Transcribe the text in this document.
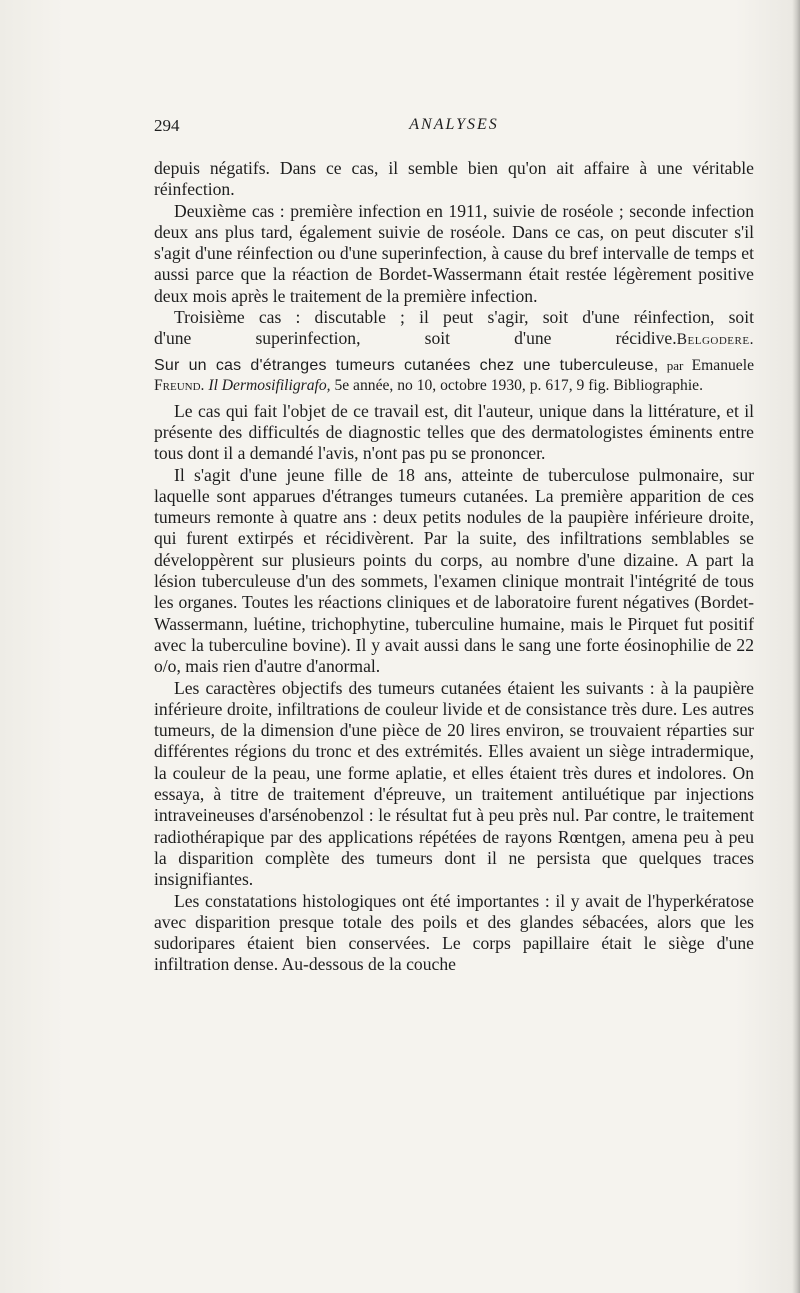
294	ANALYSES

depuis négatifs. Dans ce cas, il semble bien qu'on ait affaire à une véritable réinfection.

Deuxième cas : première infection en 1911, suivie de roséole ; seconde infection deux ans plus tard, également suivie de roséole. Dans ce cas, on peut discuter s'il s'agit d'une réinfection ou d'une superinfection, à cause du bref intervalle de temps et aussi parce que la réaction de Bordet-Wassermann était restée légèrement positive deux mois après le traitement de la première infection.

Troisième cas : discutable ; il peut s'agir, soit d'une réinfection, soit

d'une superinfection, soit d'une récidive.Belgodere.

Sur un cas d'étranges tumeurs cutanées chez une tuberculeuse, par Emanuele Freund. Il Dermosifiligrafo, 5e année, no 10, octobre 1930, p. 617, 9 fig. Bibliographie.

Le cas qui fait l'objet de ce travail est, dit l'auteur, unique dans la littérature, et il présente des difficultés de diagnostic telles que des dermatologistes éminents entre tous dont il a demandé l'avis, n'ont pas pu se prononcer.

Il s'agit d'une jeune fille de 18 ans, atteinte de tuberculose pulmonaire, sur laquelle sont apparues d'étranges tumeurs cutanées. La première apparition de ces tumeurs remonte à quatre ans : deux petits nodules de la paupière inférieure droite, qui furent extirpés et récidivèrent. Par la suite, des infiltrations semblables se développèrent sur plusieurs points du corps, au nombre d'une dizaine. A part la lésion tuberculeuse d'un des sommets, l'examen clinique montrait l'intégrité de tous les organes. Toutes les réactions cliniques et de laboratoire furent négatives (Bordet-Wassermann, luétine, trichophytine, tuberculine humaine, mais le Pirquet fut positif avec la tuberculine bovine). Il y avait aussi dans le sang une forte éosinophilie de 22 o/o, mais rien d'autre d'anormal.

Les caractères objectifs des tumeurs cutanées étaient les suivants : à la paupière inférieure droite, infiltrations de couleur livide et de consistance très dure. Les autres tumeurs, de la dimension d'une pièce de 20 lires environ, se trouvaient réparties sur différentes régions du tronc et des extrémités. Elles avaient un siège intradermique, la couleur de la peau, une forme aplatie, et elles étaient très dures et indolores. On essaya, à titre de traitement d'épreuve, un traitement antiluétique par injections intraveineuses d'arsénobenzol : le résultat fut à peu près nul. Par contre, le traitement radiothérapique par des applications répétées de rayons Rœntgen, amena peu à peu la disparition complète des tumeurs dont il ne persista que quelques traces insignifiantes.

Les constatations histologiques ont été importantes : il y avait de l'hyperkératose avec disparition presque totale des poils et des glandes sébacées, alors que les sudoripares étaient bien conservées. Le corps papillaire était le siège d'une infiltration dense. Au-dessous de la couche
